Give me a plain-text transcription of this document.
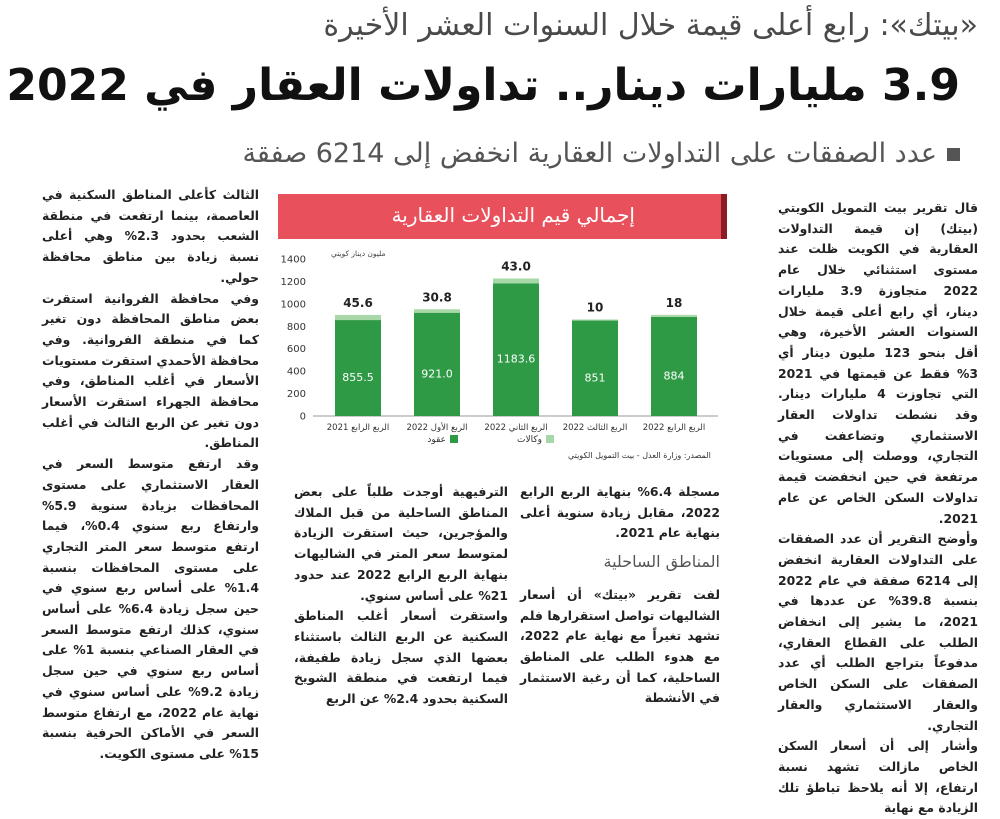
«بيتك»: رابع أعلى قيمة خلال السنوات العشر الأخيرة
3.9 مليارات دينار.. تداولات العقار في 2022
عدد الصفقات على التداولات العقارية انخفض إلى 6214 صفقة

قال تقرير بيت التمويل الكويتي (بيتك) إن قيمة التداولات العقارية في الكويت ظلت عند مستوى استثنائي خلال عام 2022 متجاوزة 3.9 مليارات دينار، أي رابع أعلى قيمة خلال السنوات العشر الأخيرة، وهي أقل بنحو 123 مليون دينار أي 3% فقط عن قيمتها في 2021 التي تجاوزت 4 مليارات دينار. وقد نشطت تداولات العقار الاستثماري وتضاعفت في التجاري، ووصلت إلى مستويات مرتفعة في حين انخفضت قيمة تداولات السكن الخاص عن عام 2021.

وأوضح التقرير أن عدد الصفقات على التداولات العقارية انخفض إلى 6214 صفقة في عام 2022 بنسبة 39.8% عن عددها في 2021، ما يشير إلى انخفاض الطلب على القطاع العقاري، مدفوعاً بتراجع الطلب أي عدد الصفقات على السكن الخاص والعقار الاستثماري والعقار التجاري.

وأشار إلى أن أسعار السكن الخاص مازالت تشهد نسبة ارتفاع، إلا أنه يلاحظ تباطؤ تلك الزيادة مع نهاية

الثالث كأعلى المناطق السكنية في العاصمة، بينما ارتفعت في منطقة الشعب بحدود 2.3% وهي أعلى نسبة زيادة بين مناطق محافظة حولي.

وفي محافظة الفروانية استقرت بعض مناطق المحافظة دون تغير كما في منطقة الفروانية. وفي محافظة الأحمدي استقرت مستويات الأسعار في أغلب المناطق، وفي محافظة الجهراء استقرت الأسعار دون تغير عن الربع الثالث في أغلب المناطق.

وقد ارتفع متوسط السعر في العقار الاستثماري على مستوى المحافظات بزيادة سنوية 5.9% وارتفاع ربع سنوي 0.4%، فيما ارتفع متوسط سعر المتر التجاري على مستوى المحافظات بنسبة 1.4% على أساس ربع سنوي في حين سجل زيادة 6.4% على أساس سنوي، كذلك ارتفع متوسط السعر في العقار الصناعي بنسبة 1% على أساس ربع سنوي في حين سجل زيادة 9.2% على أساس سنوي في نهاية عام 2022، مع ارتفاع متوسط السعر في الأماكن الحرفية بنسبة 15% على مستوى الكويت.

مسجلة 6.4% بنهاية الربع الرابع 2022، مقابل زيادة سنوية أعلى بنهاية عام 2021.

المناطق الساحلية

لفت تقرير «بيتك» أن أسعار الشاليهات تواصل استقرارها فلم تشهد تغيراً مع نهاية عام 2022، مع هدوء الطلب على المناطق الساحلية، كما أن رغبة الاستثمار في الأنشطة

الترفيهية أوجدت طلباً على بعض المناطق الساحلية من قبل الملاك والمؤجرين، حيث استقرت الزيادة لمتوسط سعر المتر في الشاليهات بنهاية الربع الرابع 2022 عند حدود 21% على أساس سنوي.

واستقرت أسعار أغلب المناطق السكنية عن الربع الثالث باستثناء بعضها الذي سجل زيادة طفيفة، فيما ارتفعت في منطقة الشويخ السكنية بحدود 2.4% عن الربع

إجمالي قيم التداولات العقارية
0
200
400
600
800
1000
1200
1400
مليون دينار كويتي
855.5
45.6
الربع الرابع 2021
921.0
30.8
الربع الأول 2022
1183.6
43.0
الربع الثاني 2022
851
10
الربع الثالث 2022
884
18
الربع الرابع 2022
وكالات
عقود
المصدر: وزارة العدل - بيت التمويل الكويتي
